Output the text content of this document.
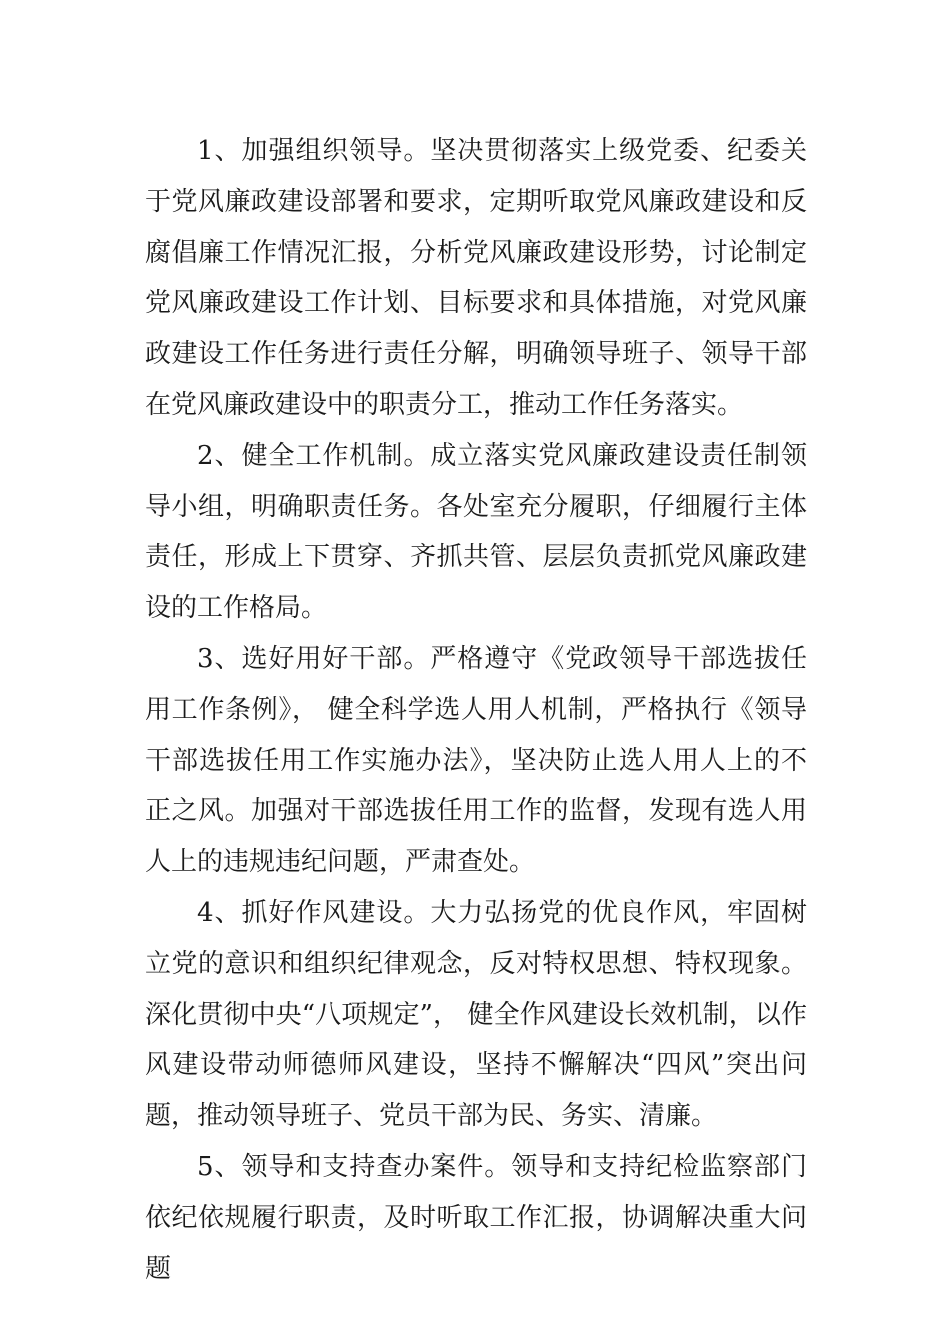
1、加强组织领导。坚决贯彻落实上级党委、纪委关于党风廉政建设部署和要求，定期听取党风廉政建设和反腐倡廉工作情况汇报，分析党风廉政建设形势，讨论制定党风廉政建设工作计划、目标要求和具体措施，对党风廉政建设工作任务进行责任分解，明确领导班子、领导干部在党风廉政建设中的职责分工，推动工作任务落实。

2、健全工作机制。成立落实党风廉政建设责任制领导小组，明确职责任务。各处室充分履职，仔细履行主体责任，形成上下贯穿、齐抓共管、层层负责抓党风廉政建设的工作格局。

3、选好用好干部。严格遵守《党政领导干部选拔任用工作条例》， 健全科学选人用人机制，严格执行《领导干部选拔任用工作实施办法》，坚决防止选人用人上的不正之风。加强对干部选拔任用工作的监督，发现有选人用人上的违规违纪问题，严肃查处。

4、抓好作风建设。大力弘扬党的优良作风，牢固树立党的意识和组织纪律观念，反对特权思想、特权现象。深化贯彻中央“八项规定”， 健全作风建设长效机制，以作风建设带动师德师风建设，坚持不懈解决“四风”突出问题，推动领导班子、党员干部为民、务实、清廉。

5、领导和支持查办案件。领导和支持纪检监察部门依纪依规履行职责，及时听取工作汇报，协调解决重大问题
